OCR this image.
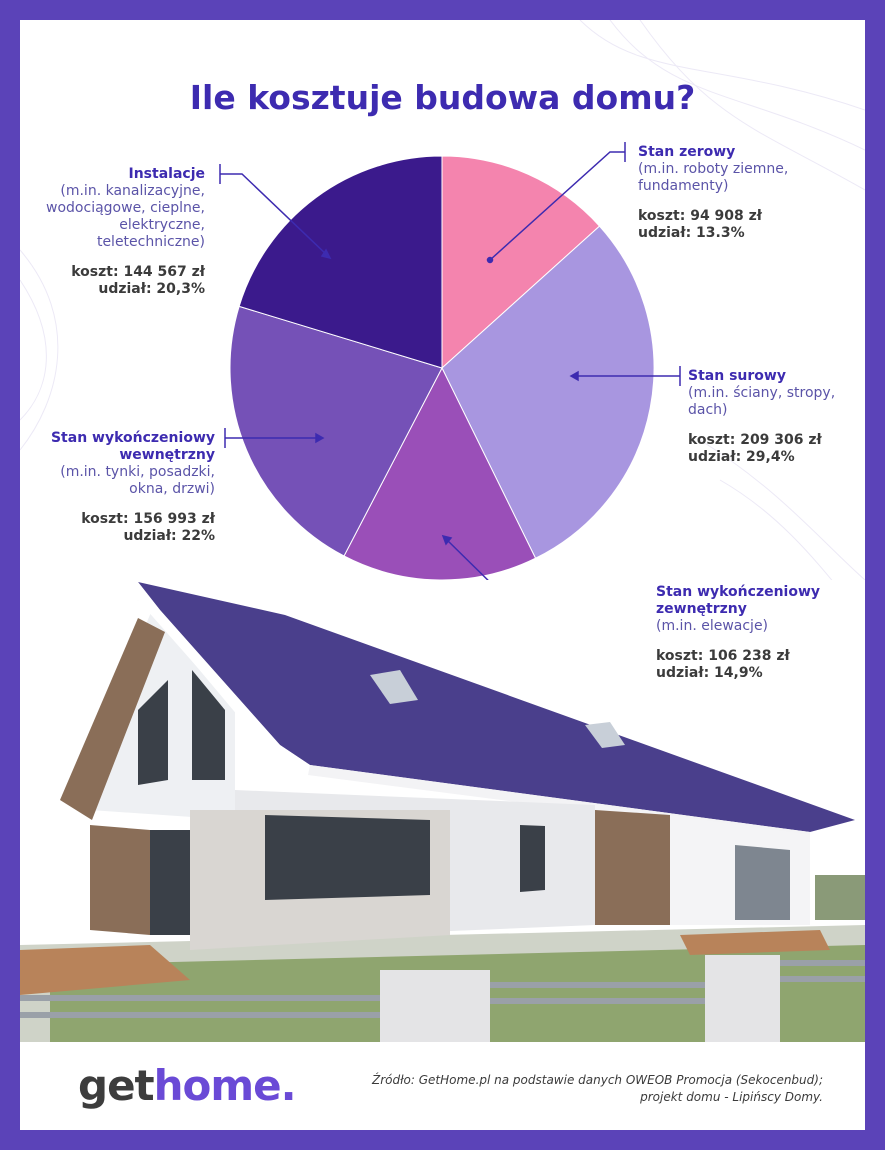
Ile kosztuje budowa domu?
Stan zerowy
(m.in. roboty ziemne,
fundamenty)
koszt: 94 908 zł
udział: 13.3%
Stan surowy
(m.in. ściany, stropy,
dach)
koszt: 209 306 zł
udział: 29,4%
Stan wykończeniowy
zewnętrzny
(m.in. elewacje)
koszt: 106 238 zł
udział: 14,9%
Stan wykończeniowy
wewnętrzny
(m.in. tynki, posadzki,
okna, drzwi)
koszt: 156 993 zł
udział: 22%
Instalacje
(m.in. kanalizacyjne,
wodociągowe, cieplne,
elektryczne,
teletechniczne)
koszt: 144 567 zł
udział: 20,3%
gethome.	Źródło: GetHome.pl na podstawie danych OWEOB Promocja (Sekocenbud);
projekt domu - Lipińscy Domy.
